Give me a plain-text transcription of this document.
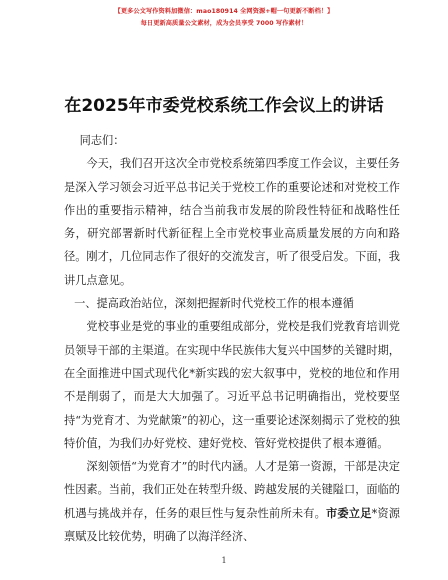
【更多公文写作资料加微信：mao180914 全网资源+帽一句更新不断档！】
每日更新高质量公文素材，成为会员享受 7000 写作素材！
在2025年市委党校系统工作会议上的讲话

同志们：

今天，我们召开这次全市党校系统第四季度工作会议，主要任务是深入学习领会习近平总书记关于党校工作的重要论述和对党校工作作出的重要指示精神，结合当前我市发展的阶段性特征和战略性任务，研究部署新时代新征程上全市党校事业高质量发展的方向和路径。刚才，几位同志作了很好的交流发言，听了很受启发。下面，我讲几点意见。

一、提高政治站位，深刻把握新时代党校工作的根本遵循

党校事业是党的事业的重要组成部分，党校是我们党教育培训党员领导干部的主渠道。在实现中华民族伟大复兴中国梦的关键时期，在全面推进中国式现代化*新实践的宏大叙事中，党校的地位和作用不是削弱了，而是大大加强了。习近平总书记明确指出，党校要坚持“为党育才、为党献策”的初心，这一重要论述深刻揭示了党校的独特价值，为我们办好党校、建好党校、管好党校提供了根本遵循。

深刻领悟“为党育才”的时代内涵。人才是第一资源，干部是决定性因素。当前，我们正处在转型升级、跨越发展的关键隘口，面临的机遇与挑战并存，任务的艰巨性与复杂性前所未有。市委立足*资源禀赋及比较优势，明确了以海洋经济、

1
